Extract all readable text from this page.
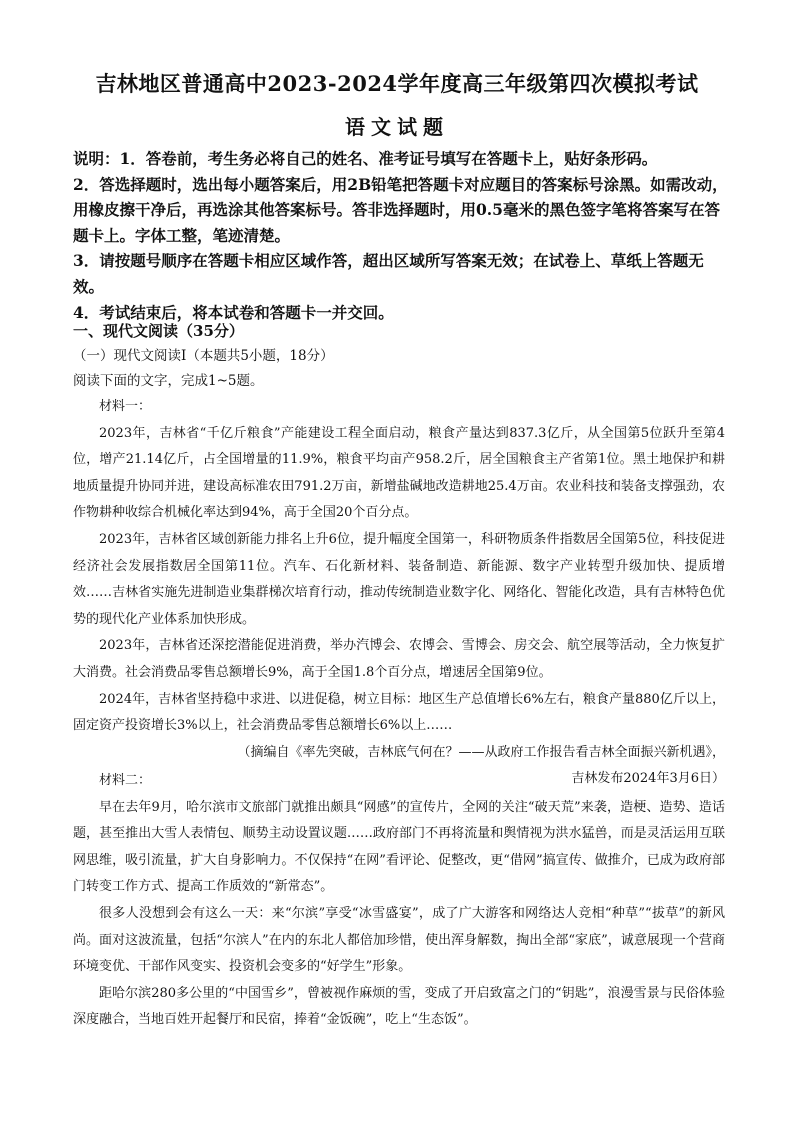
吉林地区普通高中2023-2024学年度高三年级第四次模拟考试
语文试题

说明：1．答卷前，考生务必将自己的姓名、准考证号填写在答题卡上，贴好条形码。

2．答选择题时，选出每小题答案后，用2B铅笔把答题卡对应题目的答案标号涂黑。如需改动，用橡皮擦干净后，再选涂其他答案标号。答非选择题时，用0.5毫米的黑色签字笔将答案写在答题卡上。字体工整，笔迹清楚。

3．请按题号顺序在答题卡相应区域作答，超出区域所写答案无效；在试卷上、草纸上答题无效。

4．考试结束后，将本试卷和答题卡一并交回。

一、现代文阅读（35分）
（一）现代文阅读I（本题共5小题，18分）
阅读下面的文字，完成1~5题。

材料一：

2023年，吉林省“千亿斤粮食”产能建设工程全面启动，粮食产量达到837.3亿斤，从全国第5位跃升至第4位，增产21.14亿斤，占全国增量的11.9%，粮食平均亩产958.2斤，居全国粮食主产省第1位。黑土地保护和耕地质量提升协同并进，建设高标准农田791.2万亩，新增盐碱地改造耕地25.4万亩。农业科技和装备支撑强劲，农作物耕种收综合机械化率达到94%，高于全国20个百分点。

2023年，吉林省区域创新能力排名上升6位，提升幅度全国第一，科研物质条件指数居全国第5位，科技促进经济社会发展指数居全国第11位。汽车、石化新材料、装备制造、新能源、数字产业转型升级加快、提质增效……吉林省实施先进制造业集群梯次培育行动，推动传统制造业数字化、网络化、智能化改造，具有吉林特色优势的现代化产业体系加快形成。

2023年，吉林省还深挖潜能促进消费，举办汽博会、农博会、雪博会、房交会、航空展等活动，全力恢复扩大消费。社会消费品零售总额增长9%，高于全国1.8个百分点，增速居全国第9位。

2024年，吉林省坚持稳中求进、以进促稳，树立目标：地区生产总值增长6%左右，粮食产量880亿斤以上，固定资产投资增长3%以上，社会消费品零售总额增长6%以上……

（摘编自《率先突破，吉林底气何在？——从政府工作报告看吉林全面振兴新机遇》，

吉林发布2024年3月6日）

材料二：

早在去年9月，哈尔滨市文旅部门就推出颇具“网感”的宣传片，全网的关注“破天荒”来袭，造梗、造势、造话题，甚至推出大雪人表情包、顺势主动设置议题……政府部门不再将流量和舆情视为洪水猛兽，而是灵活运用互联网思维，吸引流量，扩大自身影响力。不仅保持“在网”看评论、促整改，更“借网”搞宣传、做推介，已成为政府部门转变工作方式、提高工作质效的“新常态”。

很多人没想到会有这么一天：来“尔滨”享受“冰雪盛宴”，成了广大游客和网络达人竞相“种草”“拔草”的新风尚。面对这波流量，包括“尔滨人”在内的东北人都倍加珍惜，使出浑身解数，掏出全部“家底”，诚意展现一个营商环境变优、干部作风变实、投资机会变多的“好学生”形象。

距哈尔滨280多公里的“中国雪乡”，曾被视作麻烦的雪，变成了开启致富之门的“钥匙”，浪漫雪景与民俗体验深度融合，当地百姓开起餐厅和民宿，捧着“金饭碗”，吃上“生态饭”。
